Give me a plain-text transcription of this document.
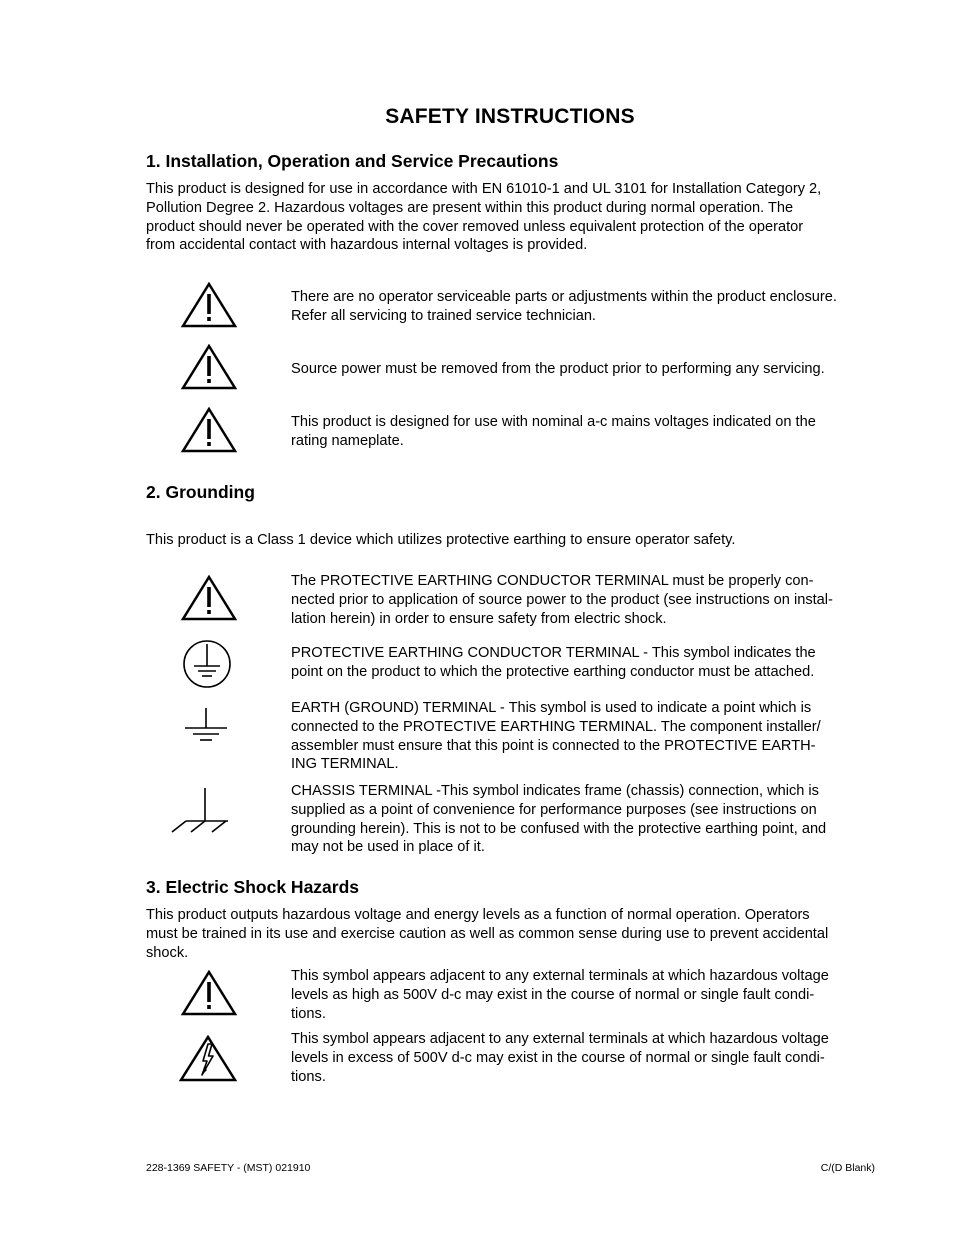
SAFETY INSTRUCTIONS
1. Installation, Operation and Service Precautions
This product is designed for use in accordance with EN 61010-1 and UL 3101 for Installation Category 2,
Pollution Degree 2. Hazardous voltages are present within this product during normal operation. The
product should never be operated with the cover removed unless equivalent protection of the operator
from accidental contact with hazardous internal voltages is provided.
There are no operator serviceable parts or adjustments within the product enclosure.
Refer all servicing to trained service technician.
Source power must be removed from the product prior to performing any servicing.
This product is designed for use with nominal a-c mains voltages indicated on the
rating nameplate.
2. Grounding
This product is a Class 1 device which utilizes protective earthing to ensure operator safety.
The PROTECTIVE EARTHING CONDUCTOR TERMINAL must be properly con-
nected prior to application of source power to the product (see instructions on instal-
lation herein) in order to ensure safety from electric shock.
PROTECTIVE EARTHING CONDUCTOR TERMINAL - This symbol indicates the
point on the product to which the protective earthing conductor must be attached.
EARTH (GROUND) TERMINAL - This symbol is used to indicate a point which is
connected to the PROTECTIVE EARTHING TERMINAL. The component installer/
assembler must ensure that this point is connected to the PROTECTIVE EARTH-
ING TERMINAL.
CHASSIS TERMINAL -This symbol indicates frame (chassis) connection, which is
supplied as a point of convenience for performance purposes (see instructions on
grounding herein). This is not to be confused with the protective earthing point, and
may not be used in place of it.
3. Electric Shock Hazards
This product outputs hazardous voltage and energy levels as a function of normal operation. Operators
must be trained in its use and exercise caution as well as common sense during use to prevent accidental
shock.
This symbol appears adjacent to any external terminals at which hazardous voltage
levels as high as 500V d-c may exist in the course of normal or single fault condi-
tions.
This symbol appears adjacent to any external terminals at which hazardous voltage
levels in excess of 500V d-c may exist in the course of normal or single fault condi-
tions.
228-1369 SAFETY - (MST) 021910	C/(D Blank)
